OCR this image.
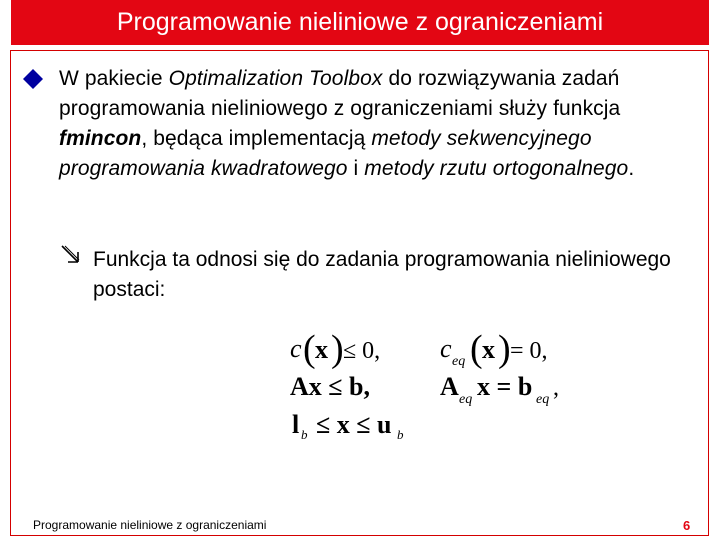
Programowanie nieliniowe z ograniczeniami
W pakiecie Optimalization Toolbox do rozwiązywania zadań programowania nieliniowego z ograniczeniami służy funkcja fmincon, będąca implementacją metody sekwencyjnego programowania kwadratowego i metody rzutu ortogonalnego.
Funkcja ta odnosi się do zadania programowania nieliniowego postaci:
c ( x ) ≤ 0, c eq ( x ) = 0,
Ax ≤ b,	A eq x = b eq ,
l b ≤ x ≤ u b
Programowanie nieliniowe z ograniczeniami	6
